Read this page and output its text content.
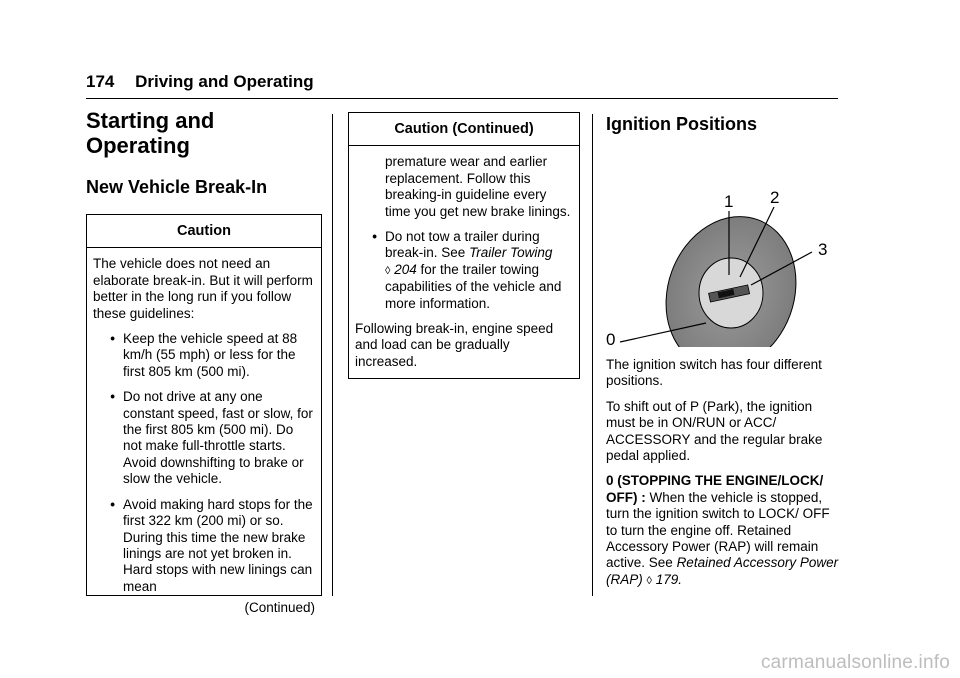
174 Driving and Operating
Starting and Operating
New Vehicle Break-In
Caution

The vehicle does not need an elaborate break-in. But it will perform better in the long run if you follow these guidelines:

• Keep the vehicle speed at 88 km/h (55 mph) or less for the first 805 km (500 mi).
• Do not drive at any one constant speed, fast or slow, for the first 805 km (500 mi). Do not make full-throttle starts. Avoid downshifting to brake or slow the vehicle.
• Avoid making hard stops for the first 322 km (200 mi) or so. During this time the new brake linings are not yet broken in. Hard stops with new linings can mean
(Continued)
Caution (Continued)

premature wear and earlier replacement. Follow this breaking-in guideline every time you get new brake linings.

• Do not tow a trailer during break-in. See Trailer Towing
◊ 204 for the trailer towing capabilities of the vehicle and more information.

Following break-in, engine speed and load can be gradually increased.

Ignition Positions
0
1 2
3

The ignition switch has four different positions.

To shift out of P (Park), the ignition must be in ON/RUN or ACC/ ACCESSORY and the regular brake pedal applied.

0 (STOPPING THE ENGINE/LOCK/ OFF) : When the vehicle is stopped, turn the ignition switch to LOCK/ OFF to turn the engine off. Retained Accessory Power (RAP) will remain active. See Retained Accessory Power (RAP) ◊ 179.

carmanualsonline.info
